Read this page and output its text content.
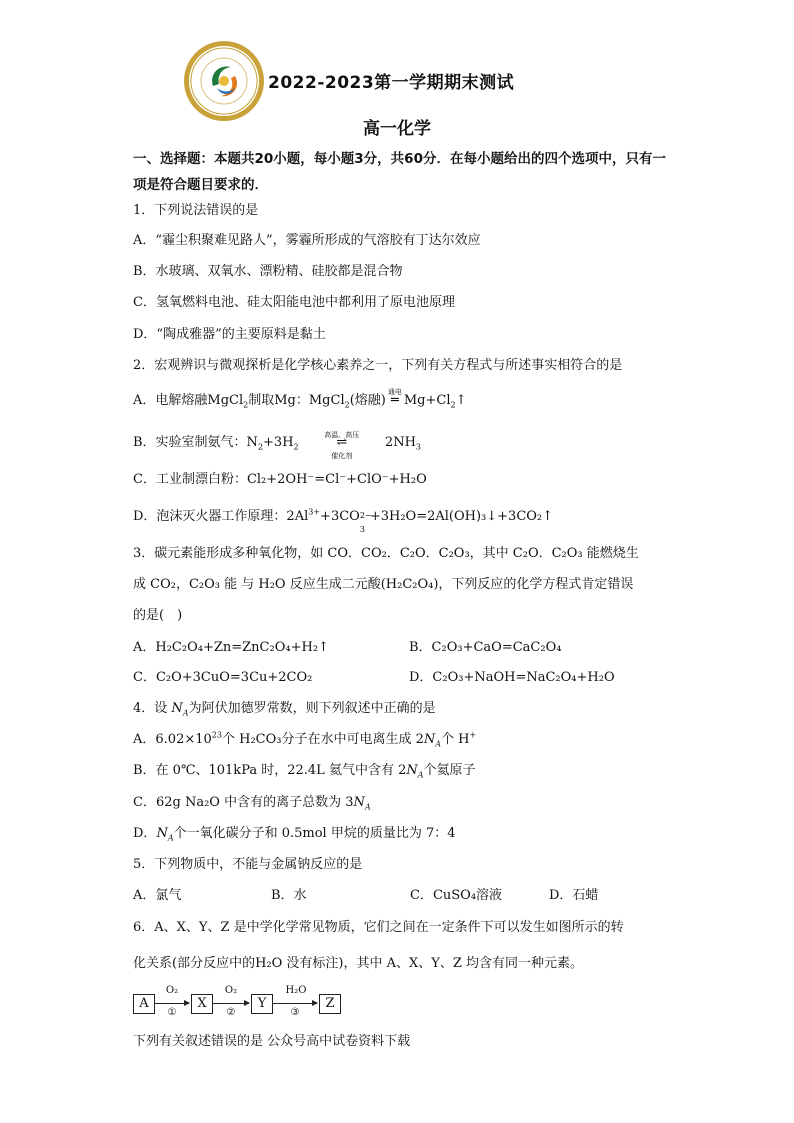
2022-2023第一学期期末测试
高一化学
一、选择题：本题共20小题，每小题3分，共60分．在每小题给出的四个选项中，只有一项是符合题目要求的．
1．下列说法错误的是
A．“霾尘积聚难见路人”，雾霾所形成的气溶胶有丁达尔效应
B．水玻璃、双氧水、漂粉精、硅胶都是混合物
C．氢氧燃料电池、硅太阳能电池中都利用了原电池原理
D．“陶成雅器”的主要原料是黏土
2．宏观辨识与微观探析是化学核心素养之一，下列有关方程式与所述事实相符合的是
A．电解熔融MgCl$_2$制取Mg：MgCl$_2$(熔融)
通电
═ $Mg+Cl_2↑$
B．实验室制氨气：$N_2+3H_2$
高温、高压
⇌
催化剂
$2NH_3$
C．工业制漂白粉：Cl₂+2OH⁻=Cl⁻+ClO⁻+H₂O
D．泡沫灭火器工作原理：$2Al^{3+}+3CO$ 2−
3
+3H₂O=2Al(OH)₃↓+3CO₂↑
3．碳元素能形成多种氧化物，如 CO．CO₂．C₂O．C₂O₃，其中 C₂O．C₂O₃ 能燃烧生
成 CO₂，C₂O₃ 能 与 H₂O 反应生成二元酸(H₂C₂O₄)，下列反应的化学方程式肯定错误
的是(　)
A．H₂C₂O₄+Zn=ZnC₂O₄+H₂↑	B．C₂O₃+CaO=CaC₂O₄
C．C₂O+3CuO=3Cu+2CO₂	D．C₂O₃+NaOH=NaC₂O₄+H₂O
4．设 $N_A$为阿伏加德罗常数，则下列叙述中正确的是
A．$6.02\times 10^{23}$个 H₂CO₃分子在水中可电离生成 $2N_A$个 H+
B．在 0℃、101kPa 时，22.4L 氦气中含有 $2N_A$个氦原子
C．62g Na₂O 中含有的离子总数为 $3N_A$
D．$N_A$个一氧化碳分子和 0.5mol 甲烷的质量比为 7：4
5．下列物质中，不能与金属钠反应的是
A．氯气	B．水	C．CuSO₄溶液	D．石蜡
6．A、X、Y、Z 是中学化学常见物质，它们之间在一定条件下可以发生如图所示的转
化关系(部分反应中的H₂O 没有标注)，其中 A、X、Y、Z 均含有同一种元素。
A
O₂
①
X
O₂
②
Y
H₂O
③
Z
下列有关叙述错误的是 公众号高中试卷资料下载
